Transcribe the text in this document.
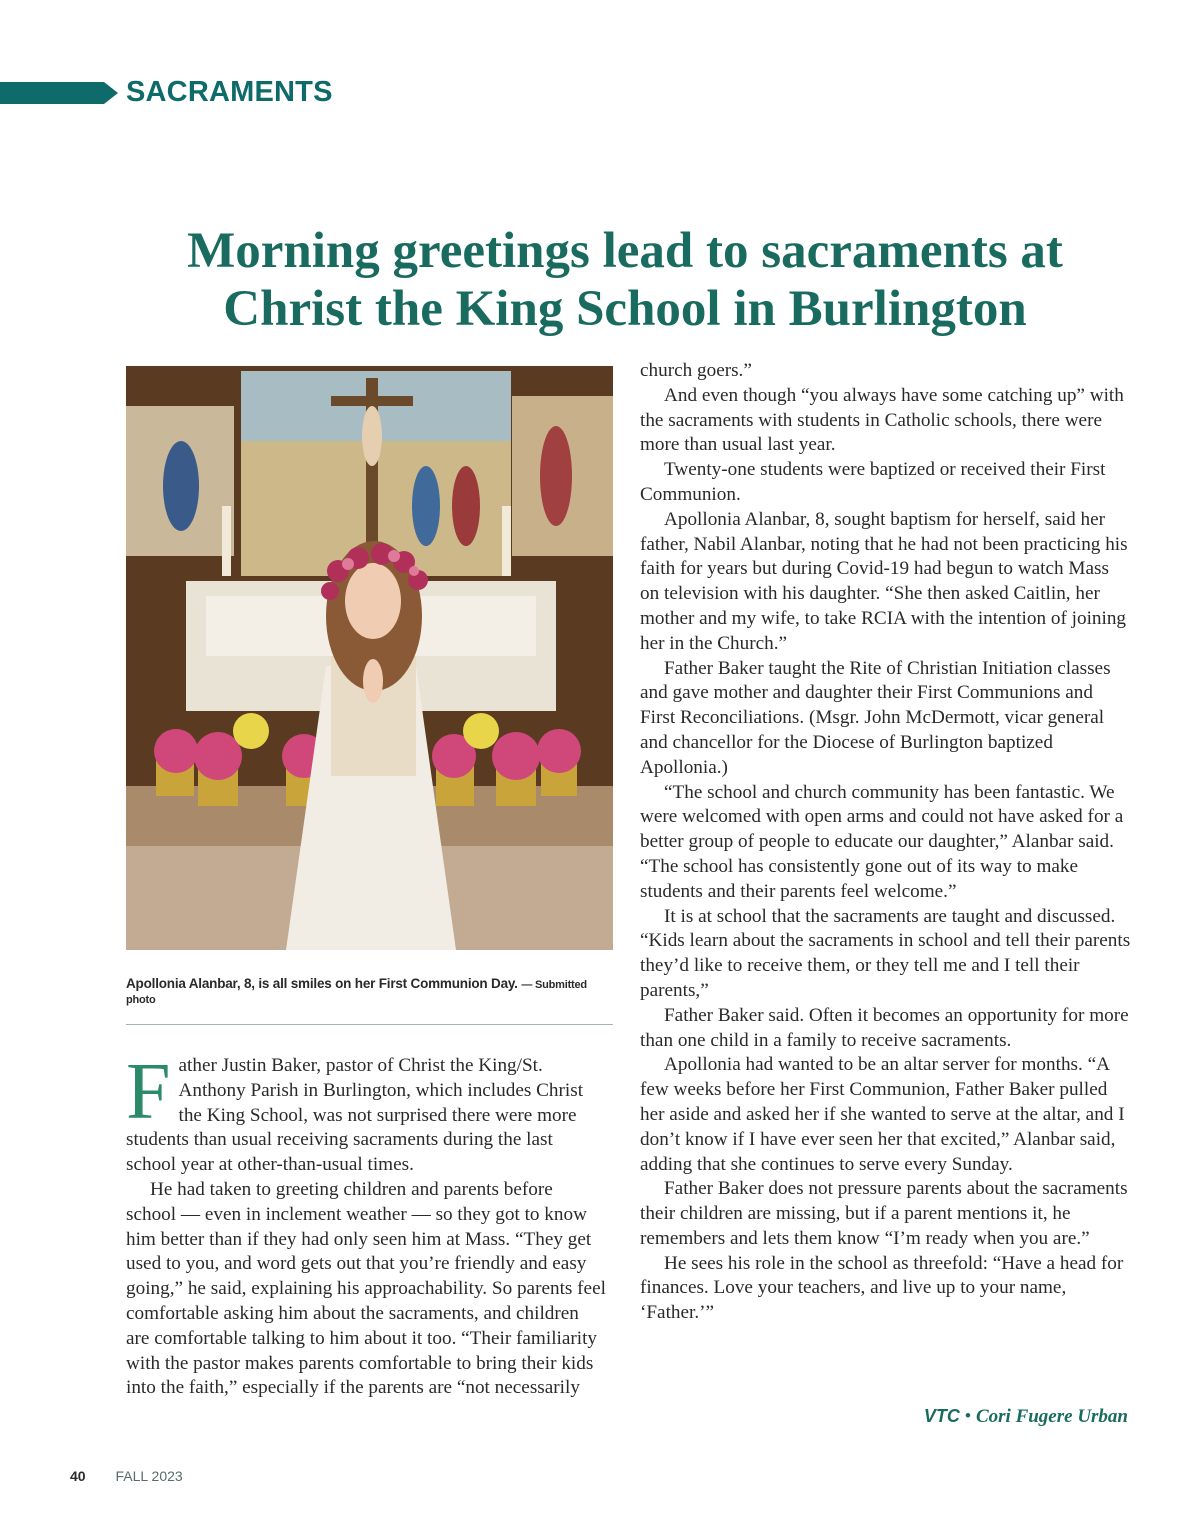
SACRAMENTS
Morning greetings lead to sacraments at
Christ the King School in Burlington
Apollonia Alanbar, 8, is all smiles on her First Communion Day. — Submitted photo

Father Justin Baker, pastor of Christ the King/St. Anthony Parish in Burlington, which includes Christ the King School, was not surprised there were more students than usual receiving sacraments during the last school year at other-than-usual times.

He had taken to greeting children and parents before school — even in inclement weather — so they got to know him better than if they had only seen him at Mass. “They get used to you, and word gets out that you’re friendly and easy going,” he said, explaining his approachability. So parents feel comfortable asking him about the sacraments, and children are comfortable talking to him about it too. “Their familiarity with the pastor makes parents comfortable to bring their kids into the faith,” especially if the parents are “not necessarily

church goers.”

And even though “you always have some catching up” with the sacraments with students in Catholic schools, there were more than usual last year.

Twenty-one students were baptized or received their First Communion.

Apollonia Alanbar, 8, sought baptism for herself, said her father, Nabil Alanbar, noting that he had not been practicing his faith for years but during Covid-19 had begun to watch Mass on television with his daughter. “She then asked Caitlin, her mother and my wife, to take RCIA with the intention of joining her in the Church.”

Father Baker taught the Rite of Christian Initiation classes and gave mother and daughter their First Communions and First Reconciliations. (Msgr. John McDermott, vicar general and chancellor for the Diocese of Burlington baptized Apollonia.)

“The school and church community has been fantastic. We were welcomed with open arms and could not have asked for a better group of people to educate our daughter,” Alanbar said. “The school has consistently gone out of its way to make students and their parents feel welcome.”

It is at school that the sacraments are taught and discussed. “Kids learn about the sacraments in school and tell their parents they’d like to receive them, or they tell me and I tell their parents,”

Father Baker said. Often it becomes an opportunity for more than one child in a family to receive sacraments.

Apollonia had wanted to be an altar server for months. “A few weeks before her First Communion, Father Baker pulled her aside and asked her if she wanted to serve at the altar, and I don’t know if I have ever seen her that excited,” Alanbar said, adding that she continues to serve every Sunday.

Father Baker does not pressure parents about the sacraments their children are missing, but if a parent mentions it, he remembers and lets them know “I’m ready when you are.”

He sees his role in the school as threefold: “Have a head for finances. Love your teachers, and live up to your name, ‘Father.’”

VTC • Cori Fugere Urban
40 FALL 2023
